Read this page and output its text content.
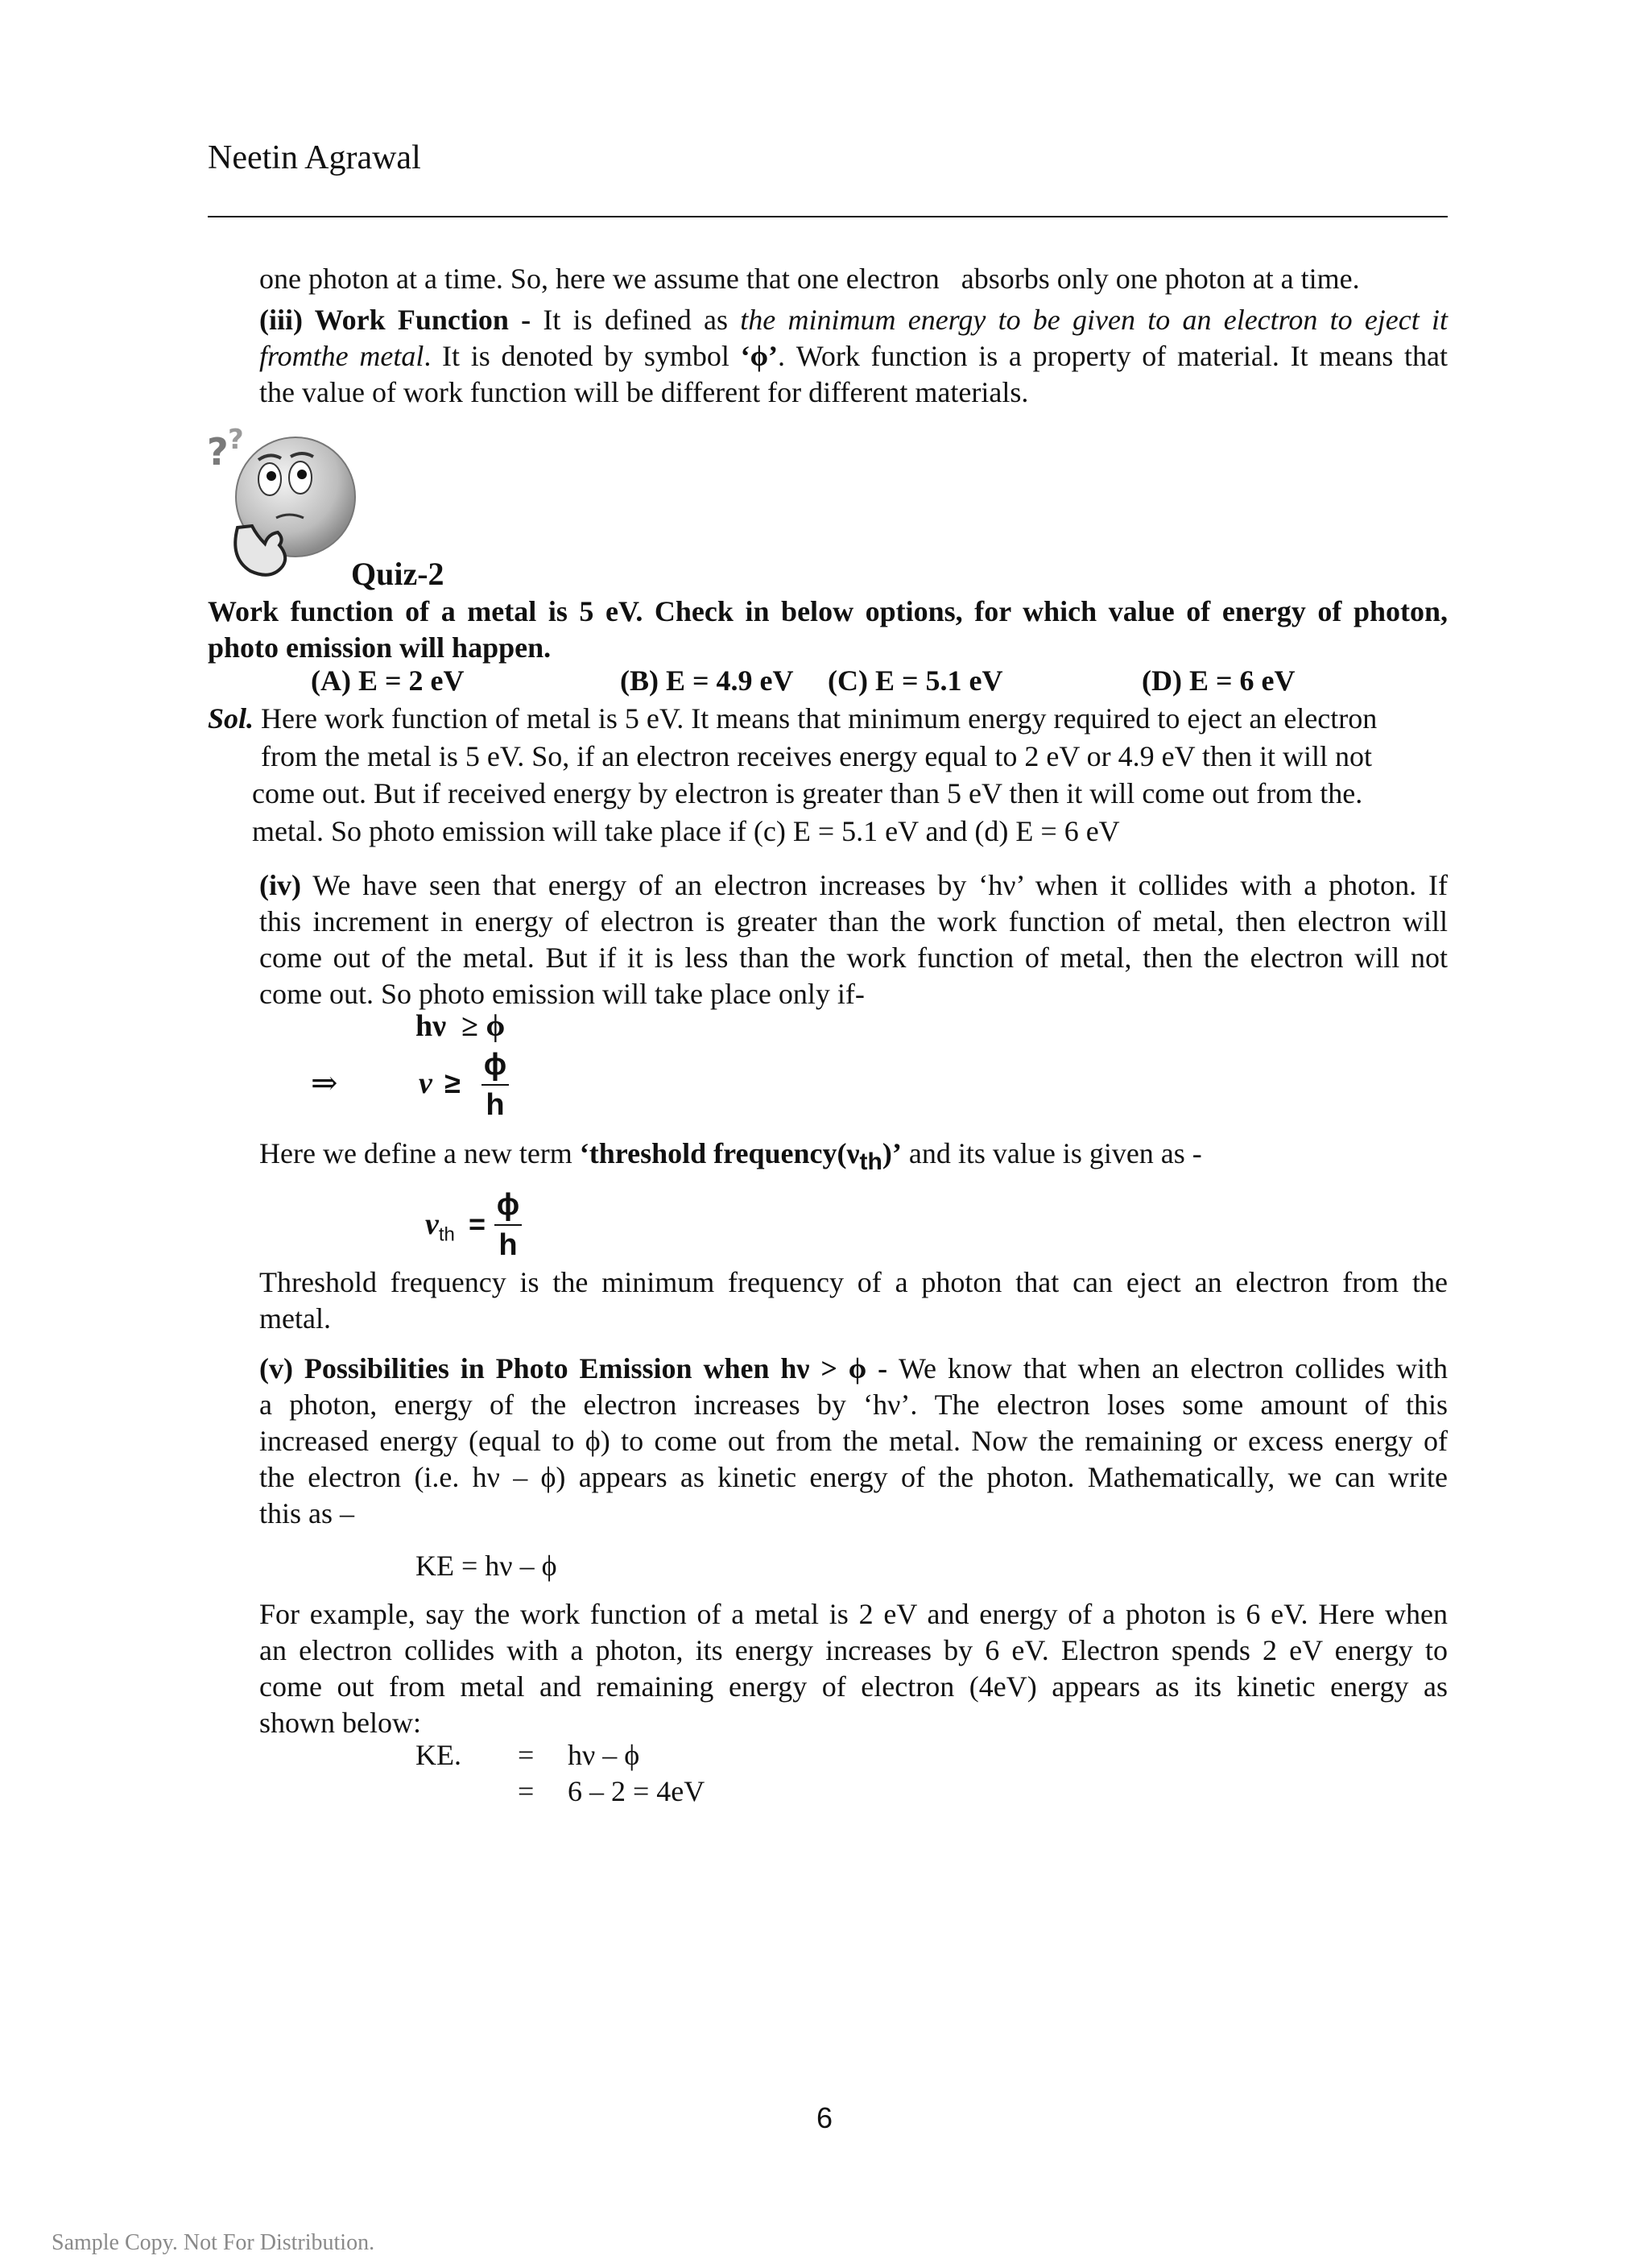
Neetin Agrawal
one photon at a time. So, here we assume that one electron   absorbs only one photon at a time.
(iii) Work Function - It is defined as the minimum energy to be given to an electron to eject it
fromthe metal. It is denoted by symbol ‘ϕ’. Work function is a property of material. It means that
the value of work function will be different for different materials.
? ?
Quiz-2
Work function of a metal is 5 eV. Check in below options, for which value of energy of photon,
photo emission will happen.
(A) E = 2 eV	(B) E = 4.9 eV (C) E = 5.1 eV	(D) E = 6 eV
Sol. Here work function of metal is 5 eV. It means that minimum energy required to eject an electron
from the metal is 5 eV. So, if an electron receives energy equal to 2 eV or 4.9 eV then it will not
come out. But if received energy by electron is greater than 5 eV then it will come out from the.
metal. So photo emission will take place if (c) E = 5.1 eV and (d) E = 6 eV
(iv) We have seen that energy of an electron increases by ‘hν’ when it collides with a photon. If
this increment in energy of electron is greater than the work function of metal, then electron will
come out of the metal. But if it is less than the work function of metal, then the electron will not
come out. So photo emission will take place only if-
hν  ≥ ϕ
⇒	ν ≥
ϕ
h
Here we define a new term ‘threshold $frequency(\nu_{th})$’ and its value is given as -
$\nu_{th}$ =
ϕ
h
Threshold frequency is the minimum frequency of a photon that can eject an electron from the
metal.
(v) Possibilities in Photo Emission when hν > ϕ - We know that when an electron collides with
a photon, energy of the electron increases by ‘hν’. The electron loses some amount of this
increased energy (equal to ϕ) to come out from the metal. Now the remaining or excess energy of
the electron (i.e. hν – ϕ) appears as kinetic energy of the photon. Mathematically, we can write
this as –
KE = hν – ϕ
For example, say the work function of a metal is 2 eV and energy of a photon is 6 eV. Here when
an electron collides with a photon, its energy increases by 6 eV. Electron spends 2 eV energy to
come out from metal and remaining energy of electron (4eV) appears as its kinetic energy as
shown below:
KE. = hν – ϕ
= 6 – 2 = 4eV
6
Sample Copy. Not For Distribution.
